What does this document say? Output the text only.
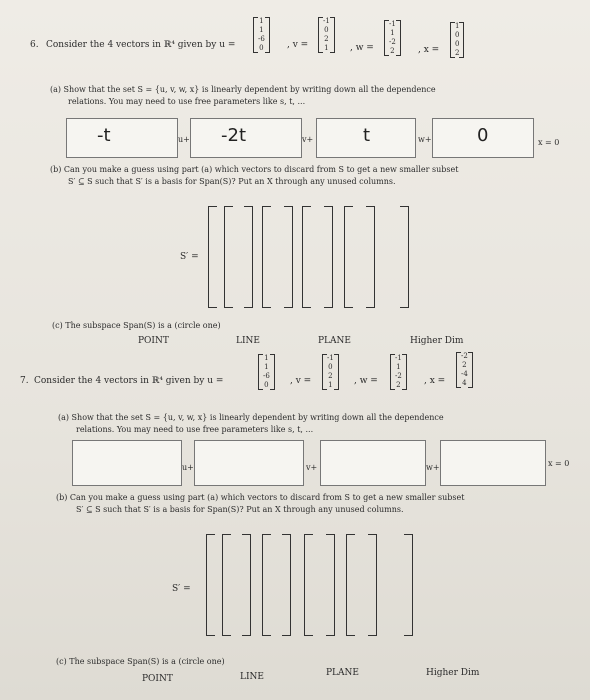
6. Consider the 4 vectors in ℝ⁴ given by u =
1
1
-6
0	, v =
-1
0
2
1 , w =
-1
1
-2
2	, x =
1
0
0
2
(a) Show that the set S = {u, v, w, x} is linearly dependent by writing down all the dependence
relations. You may need to use free parameters like s, t, ...
-t	u+ -2t	v+	t	w+	0	x = 0
(b) Can you make a guess using part (a) which vectors to discard from S to get a new smaller subset
S′ ⊆ S such that S′ is a basis for Span(S)? Put an X through any unused columns.
S′ =
(c) The subspace Span(S) is a (circle one)
POINT	LINE	PLANE	Higher Dim
7. Consider the 4 vectors in ℝ⁴ given by u =
1
1
-6
0 , v =
-1
0
2
1 , w =
-1
1
-2
2	, x =
-2
2
-4
4
(a) Show that the set S = {u, v, w, x} is linearly dependent by writing down all the dependence
relations. You may need to use free parameters like s, t, ...
u+	v+	w+	x = 0
(b) Can you make a guess using part (a) which vectors to discard from S to get a new smaller subset
S′ ⊆ S such that S′ is a basis for Span(S)? Put an X through any unused columns.
S′ =
(c) The subspace Span(S) is a (circle one)
POINT	LINE	PLANE	Higher Dim
